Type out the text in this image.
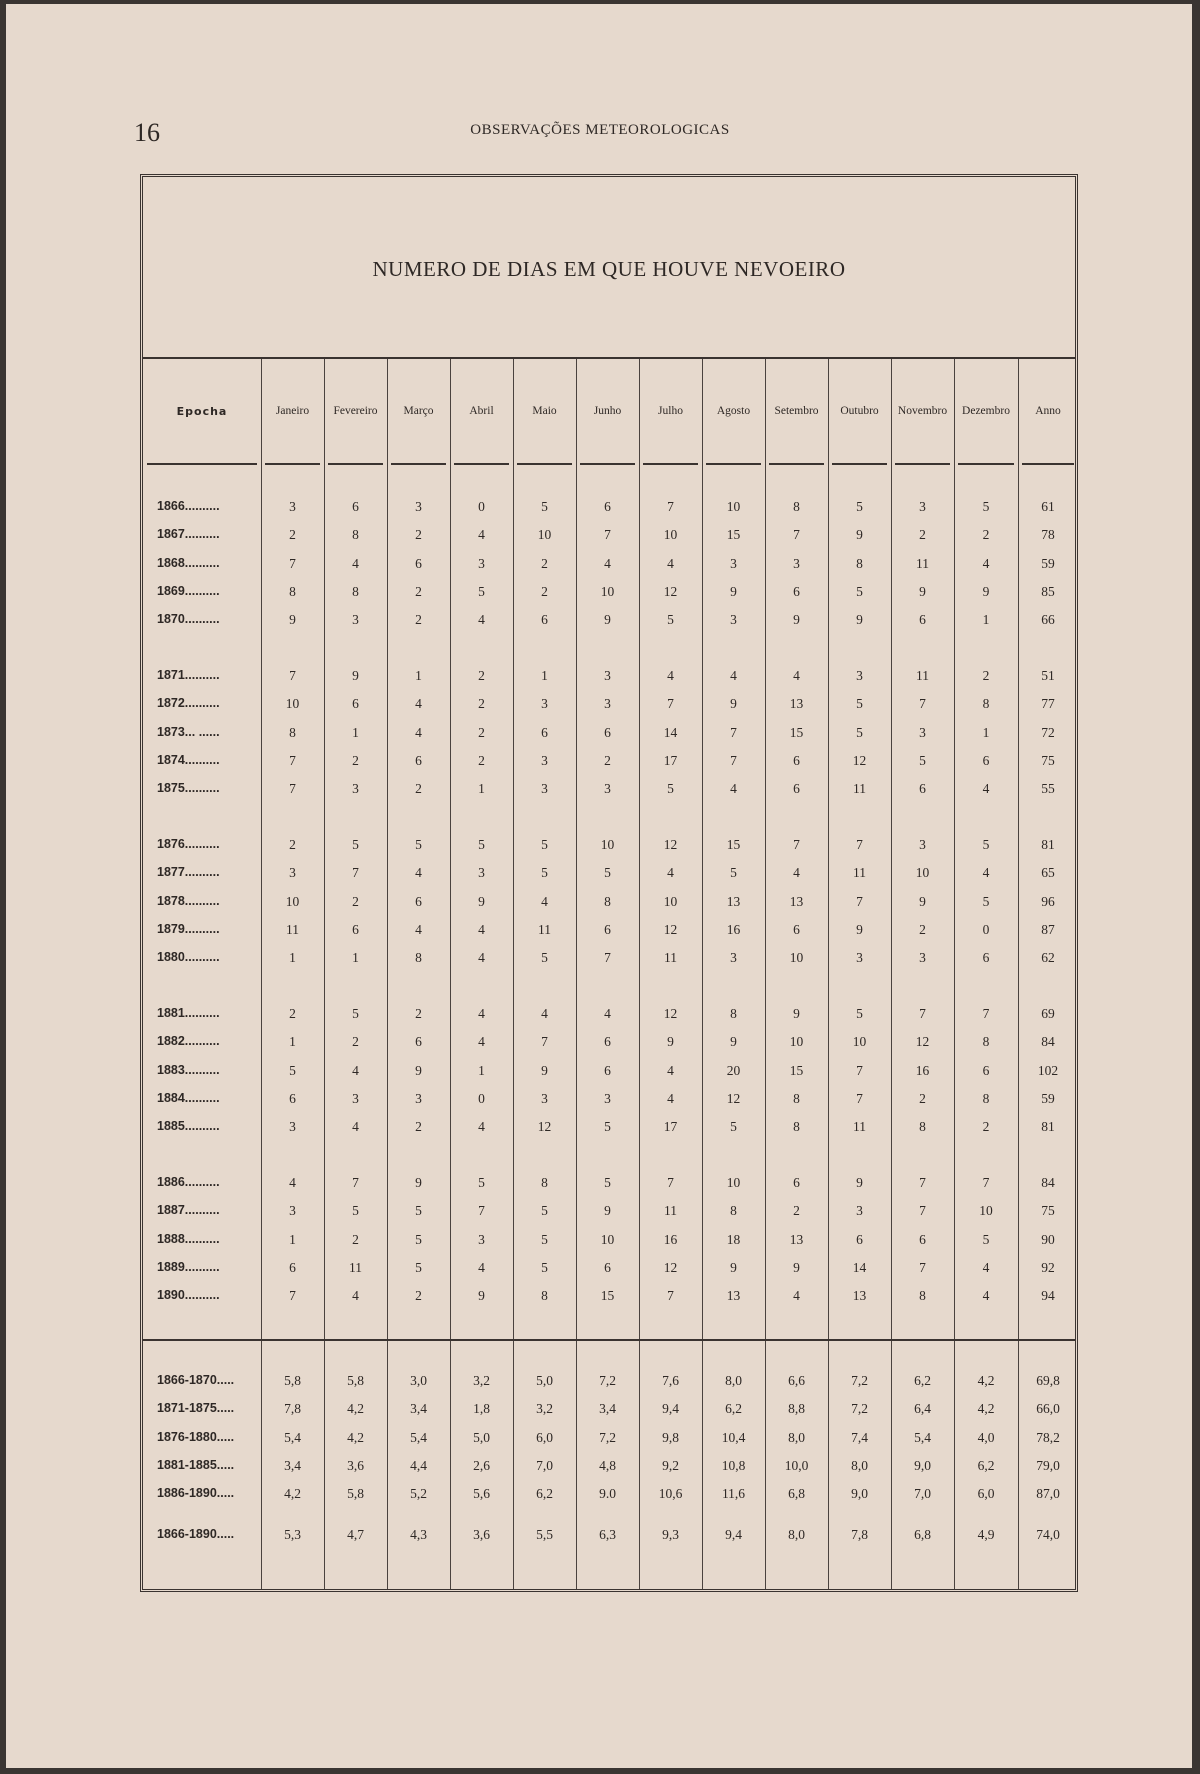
16	OBSERVAÇÕES METEOROLOGICAS
NUMERO DE DIAS EM QUE HOUVE NEVOEIRO
Epocha	Janeiro	Fevereiro	Março	Abril	Maio	Junho	Julho	Agosto	Setembro	Outubro	Novembro	Dezembro	Anno
1866..........	3	6	3	0	5	6	7	10	8	5	3	5	61
1867..........	2	8	2	4	10	7	10	15	7	9	2	2	78
1868..........	7	4	6	3	2	4	4	3	3	8	11	4	59
1869..........	8	8	2	5	2	10	12	9	6	5	9	9	85
1870..........	9	3	2	4	6	9	5	3	9	9	6	1	66
1871..........	7	9	1	2	1	3	4	4	4	3	11	2	51
1872..........	10	6	4	2	3	3	7	9	13	5	7	8	77
1873... ......	8	1	4	2	6	6	14	7	15	5	3	1	72
1874..........	7	2	6	2	3	2	17	7	6	12	5	6	75
1875..........	7	3	2	1	3	3	5	4	6	11	6	4	55
1876..........	2	5	5	5	5	10	12	15	7	7	3	5	81
1877..........	3	7	4	3	5	5	4	5	4	11	10	4	65
1878..........	10	2	6	9	4	8	10	13	13	7	9	5	96
1879..........	11	6	4	4	11	6	12	16	6	9	2	0	87
1880..........	1	1	8	4	5	7	11	3	10	3	3	6	62
1881..........	2	5	2	4	4	4	12	8	9	5	7	7	69
1882..........	1	2	6	4	7	6	9	9	10	10	12	8	84
1883..........	5	4	9	1	9	6	4	20	15	7	16	6	102
1884..........	6	3	3	0	3	3	4	12	8	7	2	8	59
1885..........	3	4	2	4	12	5	17	5	8	11	8	2	81
1886..........	4	7	9	5	8	5	7	10	6	9	7	7	84
1887..........	3	5	5	7	5	9	11	8	2	3	7	10	75
1888..........	1	2	5	3	5	10	16	18	13	6	6	5	90
1889..........	6	11	5	4	5	6	12	9	9	14	7	4	92
1890..........	7	4	2	9	8	15	7	13	4	13	8	4	94
1866-1870.....	5,8	5,8	3,0	3,2	5,0	7,2	7,6	8,0	6,6	7,2	6,2	4,2	69,8
1871-1875.....	7,8	4,2	3,4	1,8	3,2	3,4	9,4	6,2	8,8	7,2	6,4	4,2	66,0
1876-1880.....	5,4	4,2	5,4	5,0	6,0	7,2	9,8	10,4	8,0	7,4	5,4	4,0	78,2
1881-1885.....	3,4	3,6	4,4	2,6	7,0	4,8	9,2	10,8	10,0	8,0	9,0	6,2	79,0
1886-1890.....	4,2	5,8	5,2	5,6	6,2	9.0	10,6	11,6	6,8	9,0	7,0	6,0	87,0
1866-1890.....	5,3	4,7	4,3	3,6	5,5	6,3	9,3	9,4	8,0	7,8	6,8	4,9	74,0
